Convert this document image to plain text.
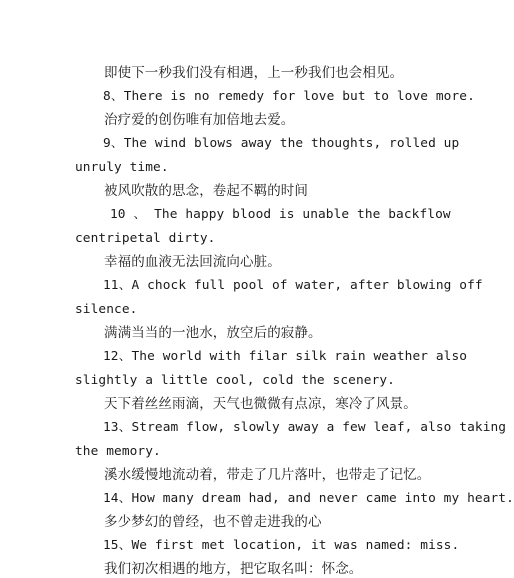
即使下一秒我们没有相遇，上一秒我们也会相见。
8、There is no remedy for love but to love more.
治疗爱的创伤唯有加倍地去爱。
9、The wind blows away the thoughts, rolled up
unruly time.
被风吹散的思念，卷起不羁的时间
10 、 The happy blood is unable the backflow
centripetal dirty.
幸福的血液无法回流向心脏。
11、A chock full pool of water, after blowing off
silence.
满满当当的一池水，放空后的寂静。
12、The world with filar silk rain weather also
slightly a little cool, cold the scenery.
天下着丝丝雨滴，天气也微微有点凉，寒冷了风景。
13、Stream flow, slowly away a few leaf, also taking
the memory.
溪水缓慢地流动着，带走了几片落叶，也带走了记忆。
14、How many dream had, and never came into my heart.
多少梦幻的曾经，也不曾走进我的心
15、We first met location, it was named: miss.
我们初次相遇的地方，把它取名叫：怀念。
